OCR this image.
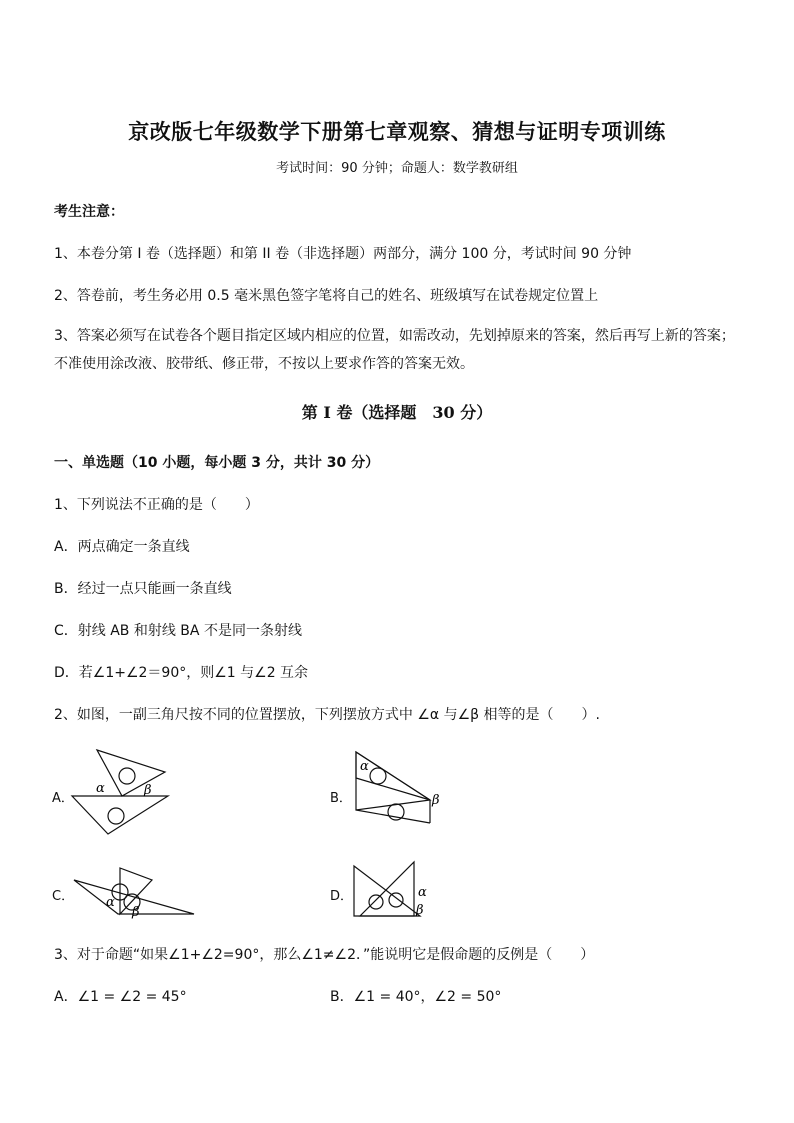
京改版七年级数学下册第七章观察、猜想与证明专项训练
考试时间：90 分钟；命题人：数学教研组
考生注意：
1、本卷分第 I 卷（选择题）和第 II 卷（非选择题）两部分，满分 100 分，考试时间 90 分钟
2、答卷前，考生务必用 0.5 毫米黑色签字笔将自己的姓名、班级填写在试卷规定位置上
3、答案必须写在试卷各个题目指定区域内相应的位置，如需改动，先划掉原来的答案，然后再写上新的答案；不准使用涂改液、胶带纸、修正带，不按以上要求作答的答案无效。
第 I 卷（选择题　30 分）
一、单选题（10 小题，每小题 3 分，共计 30 分）
1、下列说法不正确的是（　　）
A．两点确定一条直线
B．经过一点只能画一条直线
C．射线 AB 和射线 BA 不是同一条射线
D．若∠1+∠2＝90°，则∠1 与∠2 互余
2、如图，一副三角尺按不同的位置摆放，下列摆放方式中 ∠α 与∠β 相等的是（　　）.
A．
α	β
B．
α
β
C． α
β
D．	α
β
3、对于命题“如果∠1+∠2=90°，那么∠1≠∠2．”能说明它是假命题的反例是（　　）
A．∠1 = ∠2 = 45°	B．∠1 = 40°，∠2 = 50°
